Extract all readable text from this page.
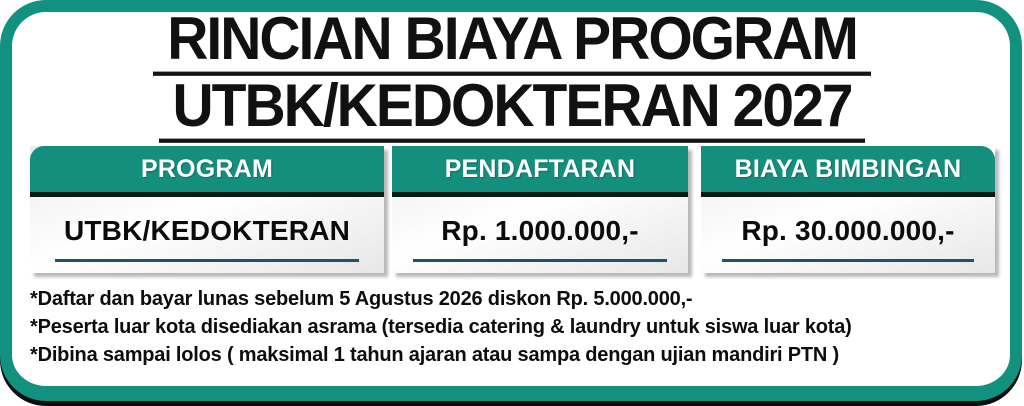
RINCIAN BIAYA PROGRAM
UTBK/KEDOKTERAN 2027
PROGRAM
UTBK/KEDOKTERAN
PENDAFTARAN
Rp. 1.000.000,-
BIAYA BIMBINGAN
Rp. 30.000.000,-
*Daftar dan bayar lunas sebelum 5 Agustus 2026 diskon Rp. 5.000.000,-
*Peserta luar kota disediakan asrama (tersedia catering & laundry untuk siswa luar kota)
*Dibina sampai lolos ( maksimal 1 tahun ajaran atau sampa dengan ujian mandiri PTN )
